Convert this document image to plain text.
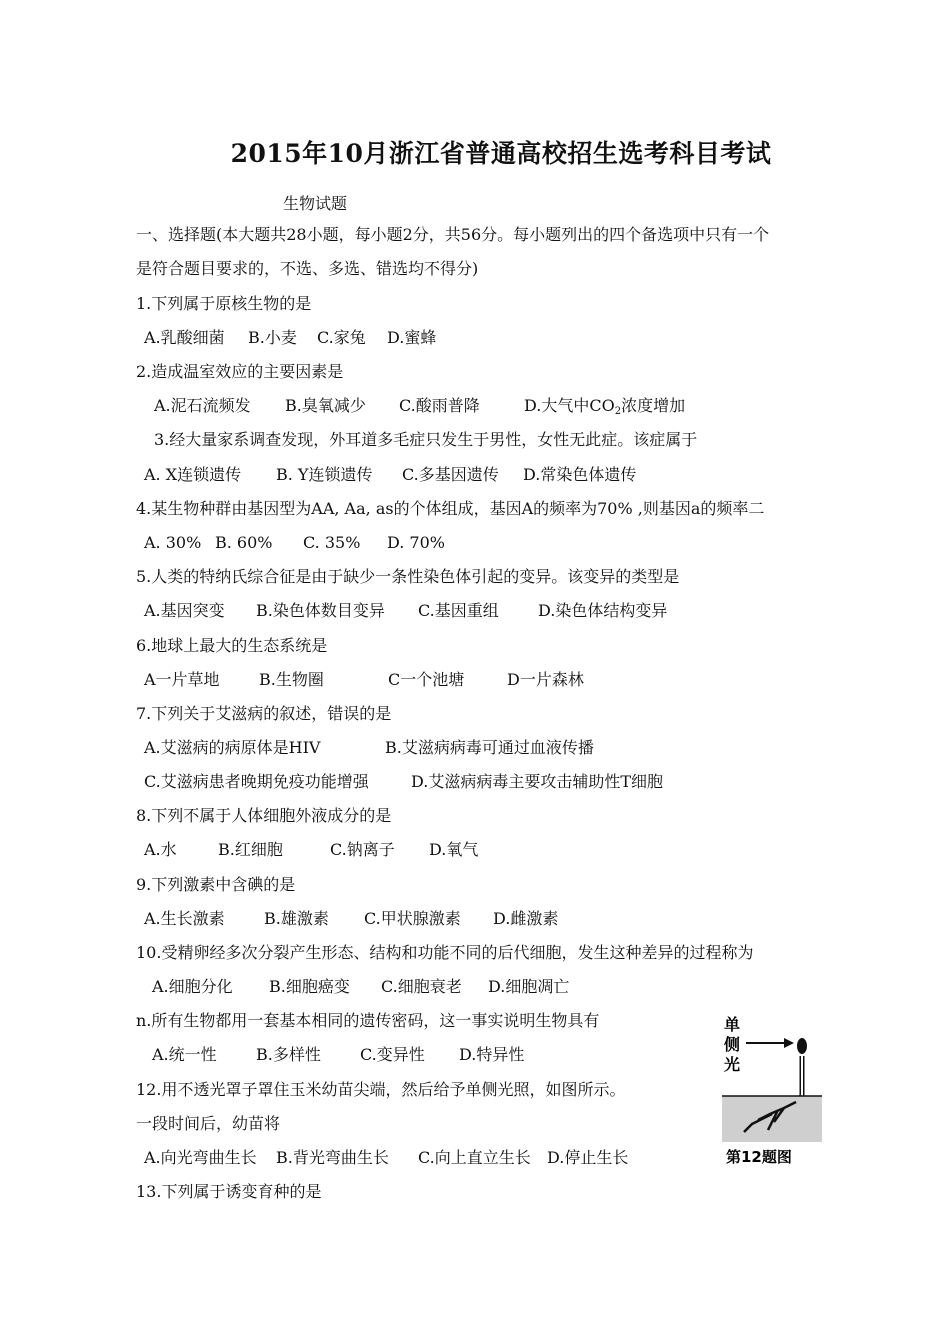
2015年10月浙江省普通高校招生选考科目考试
生物试题
一、选择题(本大题共28小题，每小题2分，共56分。每小题列出的四个备选项中只有一个
是符合题目要求的，不选、多选、错选均不得分)
1.下列属于原核生物的是
A.乳酸细菌 B.小麦 C.家兔 D.蜜蜂
2.造成温室效应的主要因素是
A.泥石流频发 B.臭氧减少 C.酸雨普降	D.大气中$CO_2$浓度增加
3.经大量家系调查发现，外耳道多毛症只发生于男性，女性无此症。该症属于
A. X连锁遗传 B. Y连锁遗传 C.多基因遗传 D.常染色体遗传
4.某生物种群由基因型为AA, Aa, as的个体组成，基因A的频率为70% ,则基因a的频率二
A. 30% B. 60% C. 35% D. 70%
5.人类的特纳氏综合征是由于缺少一条性染色体引起的变异。该变异的类型是
A.基因突变 B.染色体数目变异 C.基因重组 D.染色体结构变异
6.地球上最大的生态系统是
A一片草地 B.生物圈	C一个池塘	D一片森林
7.下列关于艾滋病的叙述，错误的是
A.艾滋病的病原体是HIV	B.艾滋病病毒可通过血液传播
C.艾滋病患者晚期免疫功能增强	D.艾滋病病毒主要攻击辅助性T细胞
8.下列不属于人体细胞外液成分的是
A.水	B.红细胞	C.钠离子 D.氧气
9.下列激素中含碘的是
A.生长激素 B.雄激素 C.甲状腺激素 D.雌激素
10.受精卵经多次分裂产生形态、结构和功能不同的后代细胞，发生这种差异的过程称为
A.细胞分化 B.细胞癌变 C.细胞衰老 D.细胞凋亡
n.所有生物都用一套基本相同的遗传密码，这一事实说明生物具有
A.统一性 B.多样性 C.变异性 D.特异性
12.用不透光罩子罩住玉米幼苗尖端，然后给予单侧光照，如图所示。
一段时间后，幼苗将
A.向光弯曲生长 B.背光弯曲生长 C.向上直立生长 D.停止生长
13.下列属于诱变育种的是
单
侧
光
第12题图
